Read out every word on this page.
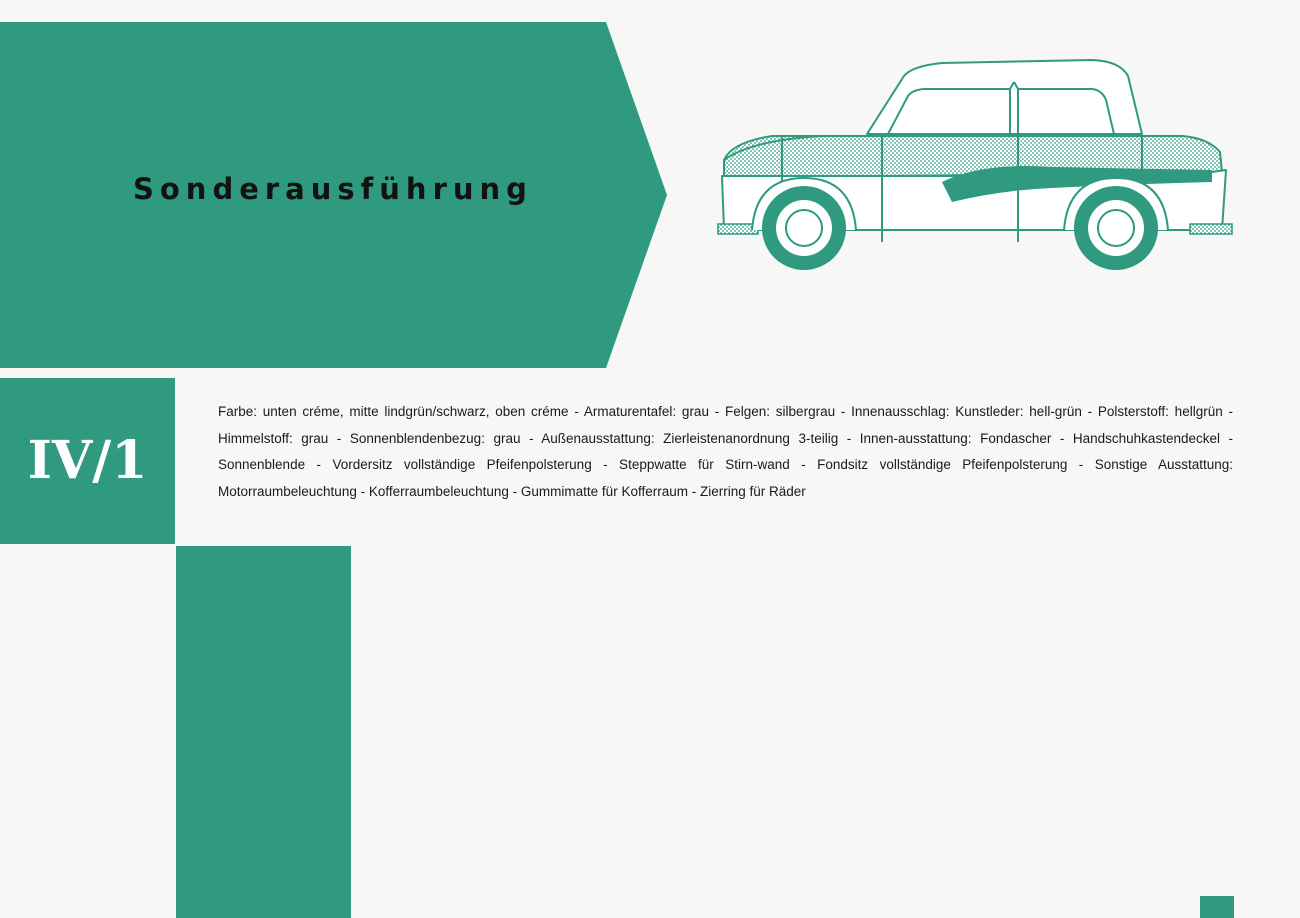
Sonderausführung
IV/1

Farbe: unten créme, mitte lindgrün/schwarz, oben créme - Armaturentafel: grau - Felgen: silbergrau - Innenausschlag: Kunstleder: hell-grün - Polsterstoff: hellgrün - Himmelstoff: grau - Sonnenblendenbezug: grau - Außenausstattung: Zierleistenanordnung 3-teilig - Innen-ausstattung: Fondascher - Handschuhkastendeckel - Sonnenblende - Vordersitz vollständige Pfeifenpolsterung - Steppwatte für Stirn-wand - Fondsitz vollständige Pfeifenpolsterung - Sonstige Ausstattung: Motorraumbeleuchtung - Kofferraumbeleuchtung - Gummimatte für Kofferraum - Zierring für Räder
